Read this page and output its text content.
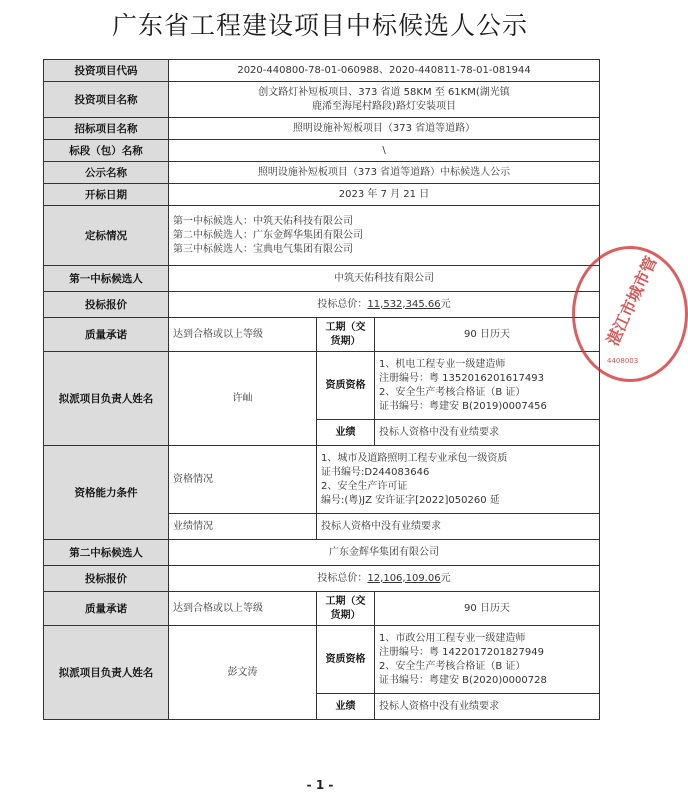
广东省工程建设项目中标候选人公示
投资项目代码	2020-440800-78-01-060988、2020-440811-78-01-081944		
投资项目名称	创文路灯补短板项目、373 省道 58KM 至 61KM(湖光镇
鹿浠至海尾村路段)路灯安装项目		

招标项目名称	照明设施补短板项目（373 省道等道路）		
标段（包）名称	\		
公示名称	照明设施补短板项目（373 省道等道路）中标候选人公示		
开标日期	2023 年 7 月 21 日		
定标情况	第一中标候选人：中筑天佑科技有限公司
第二中标候选人：广东金辉华集团有限公司
第三中标候选人：宝典电气集团有限公司		

第一中标候选人	中筑天佑科技有限公司		
投标报价	投标总价：11,532,345.66元		
质量承诺	达到合格或以上等级	工期（交货期）	90 日历天
拟派项目负责人姓名	许屾	资质资格	1、机电工程专业一级建造师
注册编号：粤 1352016201617493
2、安全生产考核合格证（B 证）
证书编号：粤建安 B(2019)0007456

		业绩	投标人资格中没有业绩要求
资格能力条件	资格情况	1、城市及道路照明工程专业承包一级资质
证书编号:D244083646
2、安全生产许可证
编号:(粤)JZ 安许证字[2022]050260 延	

	业绩情况	投标人资格中没有业绩要求	
第二中标候选人	广东金辉华集团有限公司		
投标报价	投标总价：12,106,109.06元		
质量承诺	达到合格或以上等级	工期（交货期）	90 日历天
拟派项目负责人姓名	彭文涛	资质资格	1、市政公用工程专业一级建造师
注册编号：粤 1422017201827949
2、安全生产考核合格证（B 证）
证书编号：粤建安 B(2020)0000728

		业绩	投标人资格中没有业绩要求
湛江市城市管
4408003
- 1 -
